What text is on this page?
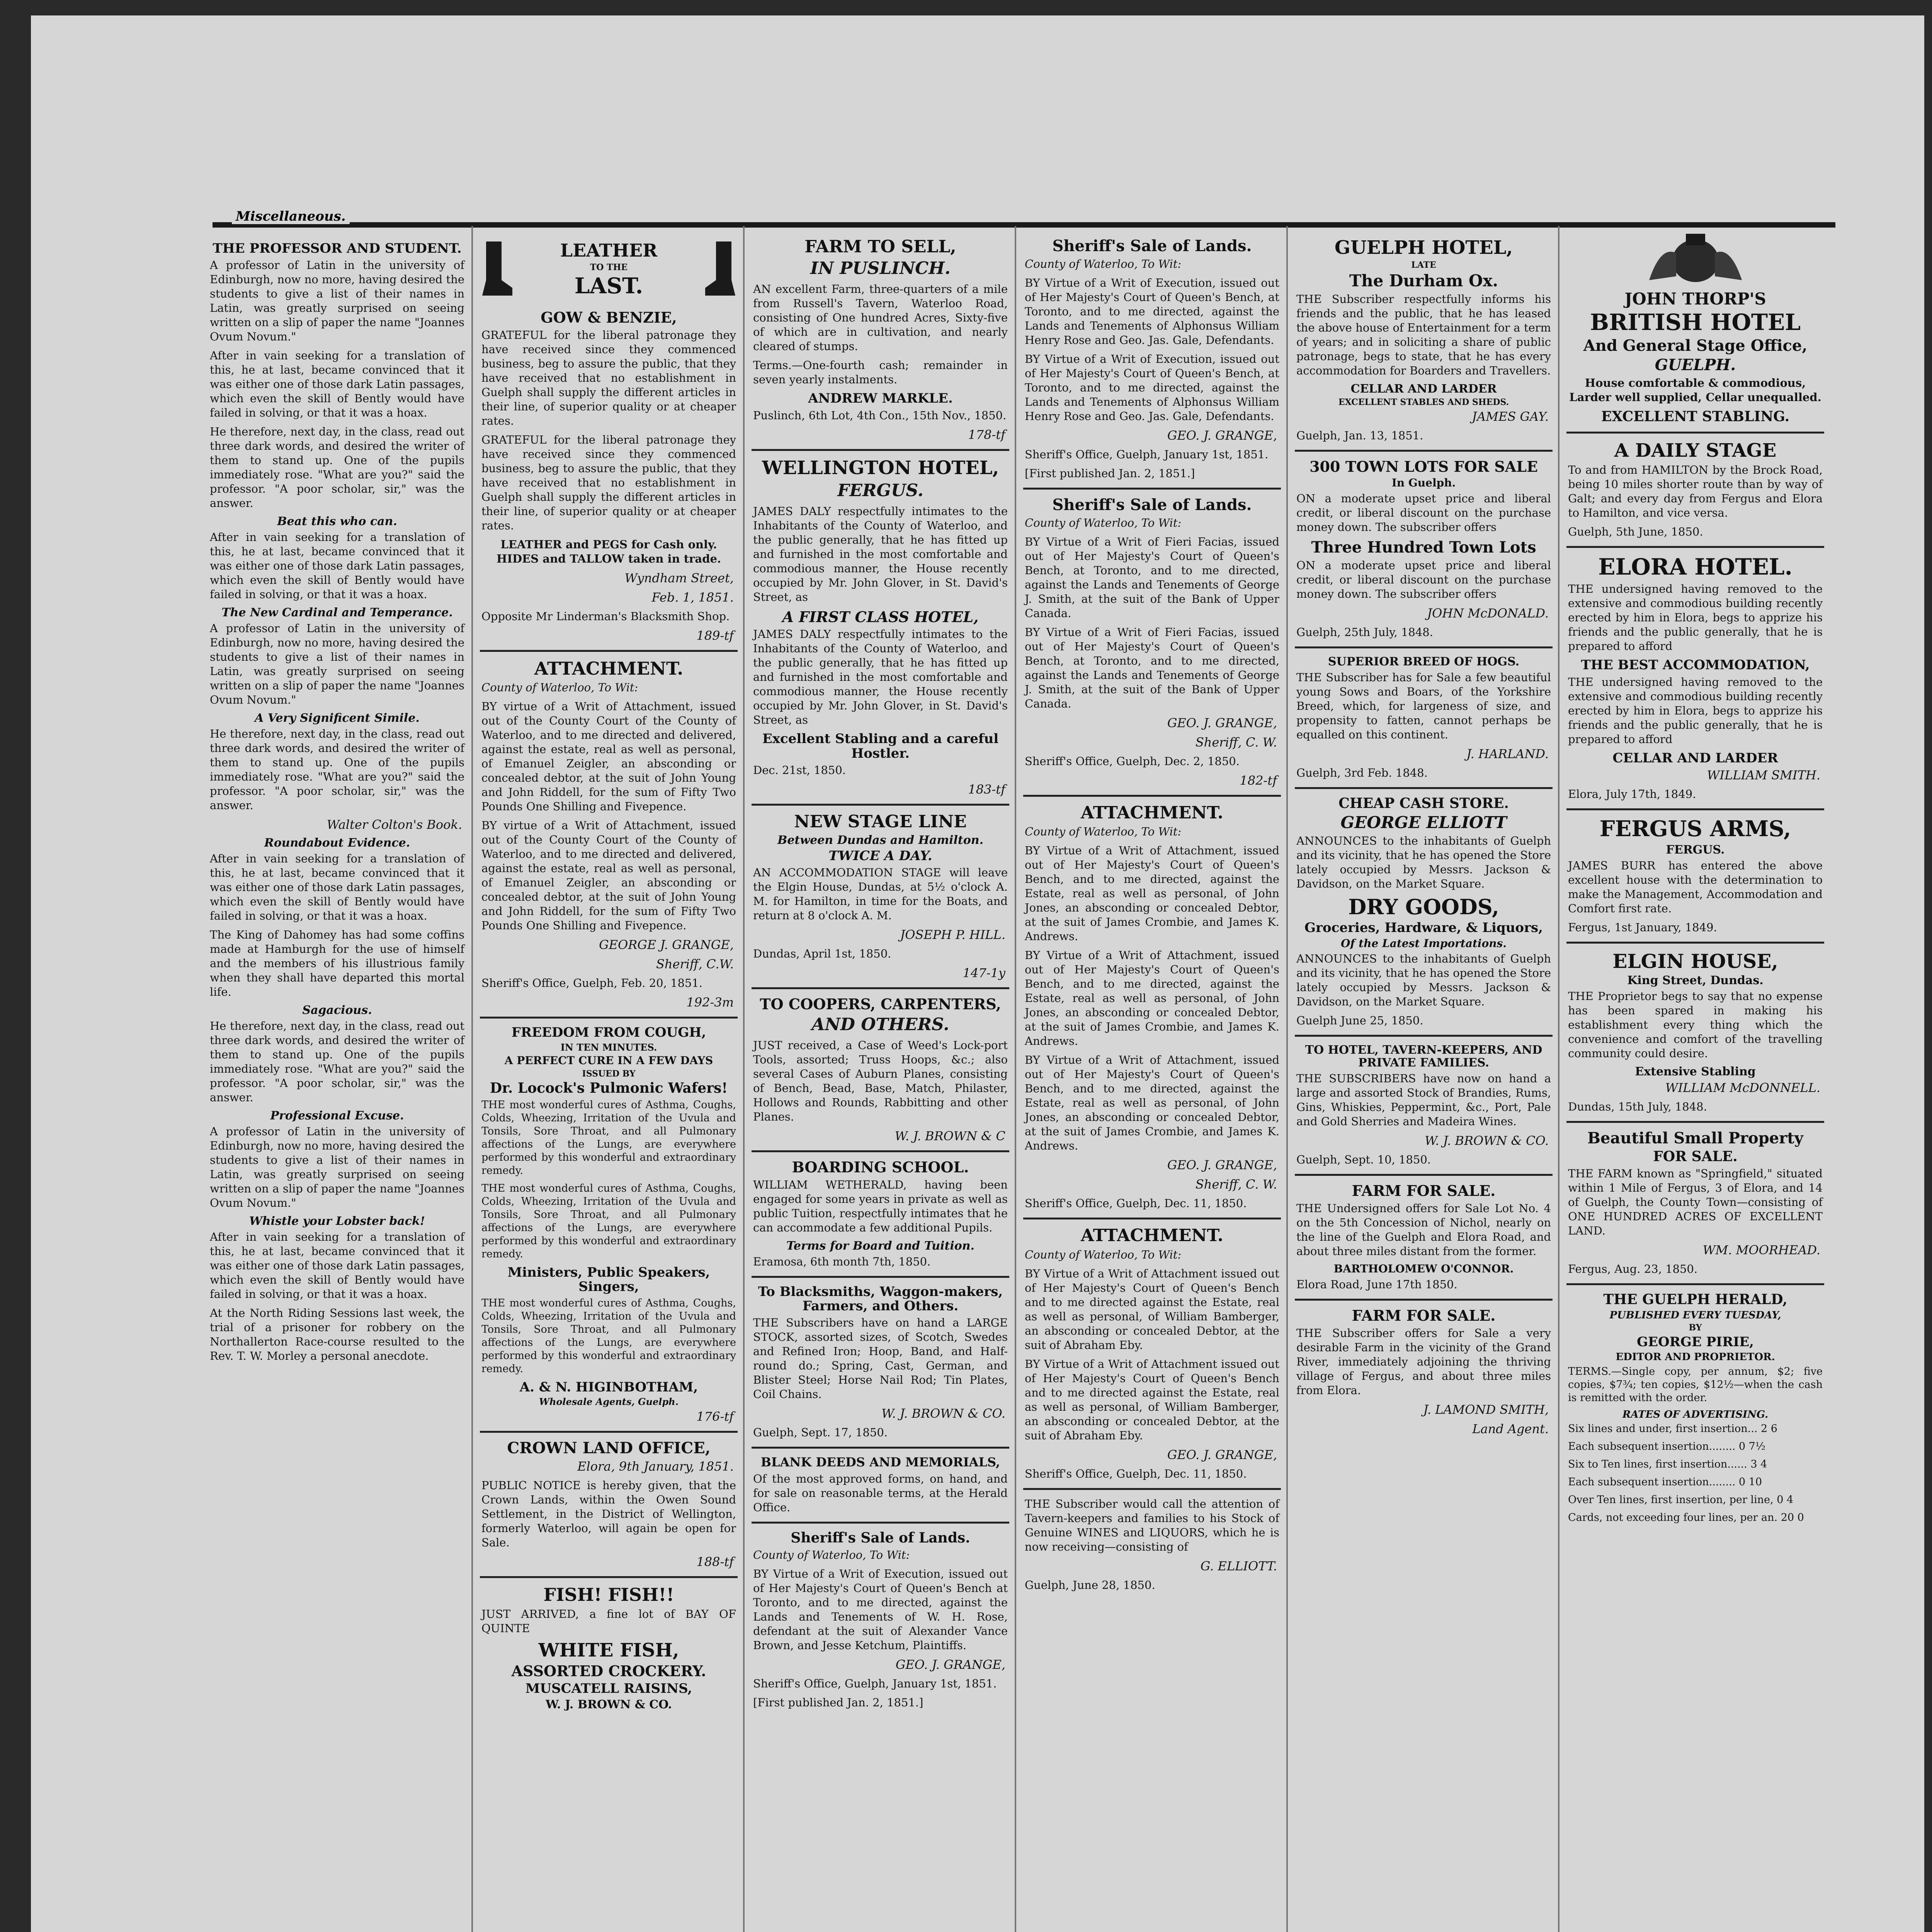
Miscellaneous.
THE PROFESSOR AND STUDENT.

A professor of Latin in the university of Edinburgh, now no more, having desired the students to give a list of their names in Latin, was greatly surprised on seeing written on a slip of paper the name "Joannes Ovum Novum."

After in vain seeking for a translation of this, he at last, became convinced that it was either one of those dark Latin passages, which even the skill of Bently would have failed in solving, or that it was a hoax.

He therefore, next day, in the class, read out three dark words, and desired the writer of them to stand up. One of the pupils immediately rose. "What are you?" said the professor. "A poor scholar, sir," was the answer.

Beat this who can.

After in vain seeking for a translation of this, he at last, became convinced that it was either one of those dark Latin passages, which even the skill of Bently would have failed in solving, or that it was a hoax.

The New Cardinal and Temperance.

A professor of Latin in the university of Edinburgh, now no more, having desired the students to give a list of their names in Latin, was greatly surprised on seeing written on a slip of paper the name "Joannes Ovum Novum."

A Very Significent Simile.

He therefore, next day, in the class, read out three dark words, and desired the writer of them to stand up. One of the pupils immediately rose. "What are you?" said the professor. "A poor scholar, sir," was the answer.

Walter Colton's Book.
Roundabout Evidence.

After in vain seeking for a translation of this, he at last, became convinced that it was either one of those dark Latin passages, which even the skill of Bently would have failed in solving, or that it was a hoax.

The King of Dahomey has had some coffins made at Hamburgh for the use of himself and the members of his illustrious family when they shall have departed this mortal life.

Sagacious.

He therefore, next day, in the class, read out three dark words, and desired the writer of them to stand up. One of the pupils immediately rose. "What are you?" said the professor. "A poor scholar, sir," was the answer.

Professional Excuse.

A professor of Latin in the university of Edinburgh, now no more, having desired the students to give a list of their names in Latin, was greatly surprised on seeing written on a slip of paper the name "Joannes Ovum Novum."

Whistle your Lobster back!

After in vain seeking for a translation of this, he at last, became convinced that it was either one of those dark Latin passages, which even the skill of Bently would have failed in solving, or that it was a hoax.

At the North Riding Sessions last week, the trial of a prisoner for robbery on the Northallerton Race-course resulted to the Rev. T. W. Morley a personal anecdote.

LEATHER
TO THE
LAST.
GOW & BENZIE,

GRATEFUL for the liberal patronage they have received since they commenced business, beg to assure the public, that they have received that no establishment in Guelph shall supply the different articles in their line, of superior quality or at cheaper rates.

GRATEFUL for the liberal patronage they have received since they commenced business, beg to assure the public, that they have received that no establishment in Guelph shall supply the different articles in their line, of superior quality or at cheaper rates.

LEATHER and PEGS for Cash only. HIDES and TALLOW taken in trade.

Wyndham Street,
Feb. 1, 1851.
Opposite Mr Linderman's Blacksmith Shop.
189-tf
ATTACHMENT.
County of Waterloo, To Wit:

BY virtue of a Writ of Attachment, issued out of the County Court of the County of Waterloo, and to me directed and delivered, against the estate, real as well as personal, of Emanuel Zeigler, an absconding or concealed debtor, at the suit of John Young and John Riddell, for the sum of Fifty Two Pounds One Shilling and Fivepence.

BY virtue of a Writ of Attachment, issued out of the County Court of the County of Waterloo, and to me directed and delivered, against the estate, real as well as personal, of Emanuel Zeigler, an absconding or concealed debtor, at the suit of John Young and John Riddell, for the sum of Fifty Two Pounds One Shilling and Fivepence.

GEORGE J. GRANGE,
Sheriff, C.W.
Sheriff's Office, Guelph, Feb. 20, 1851.
192-3m
FREEDOM FROM COUGH,
IN TEN MINUTES.
A PERFECT CURE IN A FEW DAYS
ISSUED BY
Dr. Locock's Pulmonic Wafers!

THE most wonderful cures of Asthma, Coughs, Colds, Wheezing, Irritation of the Uvula and Tonsils, Sore Throat, and all Pulmonary affections of the Lungs, are everywhere performed by this wonderful and extraordinary remedy.

THE most wonderful cures of Asthma, Coughs, Colds, Wheezing, Irritation of the Uvula and Tonsils, Sore Throat, and all Pulmonary affections of the Lungs, are everywhere performed by this wonderful and extraordinary remedy.

Ministers, Public Speakers, Singers,

THE most wonderful cures of Asthma, Coughs, Colds, Wheezing, Irritation of the Uvula and Tonsils, Sore Throat, and all Pulmonary affections of the Lungs, are everywhere performed by this wonderful and extraordinary remedy.

A. & N. HIGINBOTHAM,
Wholesale Agents, Guelph.
176-tf
CROWN LAND OFFICE,
Elora, 9th January, 1851.

PUBLIC NOTICE is hereby given, that the Crown Lands, within the Owen Sound Settlement, in the District of Wellington, formerly Waterloo, will again be open for Sale.

188-tf
FISH! FISH!!

JUST ARRIVED, a fine lot of BAY OF QUINTE

WHITE FISH,
ASSORTED CROCKERY.
MUSCATELL RAISINS,
W. J. BROWN & CO.
FARM TO SELL,
IN PUSLINCH.

AN excellent Farm, three-quarters of a mile from Russell's Tavern, Waterloo Road, consisting of One hundred Acres, Sixty-five of which are in cultivation, and nearly cleared of stumps.

Terms.—One-fourth cash; remainder in seven yearly instalments.

ANDREW MARKLE.
Puslinch, 6th Lot, 4th Con., 15th Nov., 1850.
178-tf
WELLINGTON HOTEL,
FERGUS.

JAMES DALY respectfully intimates to the Inhabitants of the County of Waterloo, and the public generally, that he has fitted up and furnished in the most comfortable and commodious manner, the House recently occupied by Mr. John Glover, in St. David's Street, as

A FIRST CLASS HOTEL,

JAMES DALY respectfully intimates to the Inhabitants of the County of Waterloo, and the public generally, that he has fitted up and furnished in the most comfortable and commodious manner, the House recently occupied by Mr. John Glover, in St. David's Street, as

Excellent Stabling and a careful Hostler.
Dec. 21st, 1850.
183-tf
NEW STAGE LINE
Between Dundas and Hamilton.
TWICE A DAY.

AN ACCOMMODATION STAGE will leave the Elgin House, Dundas, at 5½ o'clock A. M. for Hamilton, in time for the Boats, and return at 8 o'clock A. M.

JOSEPH P. HILL.
Dundas, April 1st, 1850.
147-1y
TO COOPERS, CARPENTERS,
AND OTHERS.

JUST received, a Case of Weed's Lock-port Tools, assorted; Truss Hoops, &c.; also several Cases of Auburn Planes, consisting of Bench, Bead, Base, Match, Philaster, Hollows and Rounds, Rabbitting and other Planes.

W. J. BROWN & C
BOARDING SCHOOL.

WILLIAM WETHERALD, having been engaged for some years in private as well as public Tuition, respectfully intimates that he can accommodate a few additional Pupils.

Terms for Board and Tuition.
Eramosa, 6th month 7th, 1850.
To Blacksmiths, Waggon-makers, Farmers, and Others.

THE Subscribers have on hand a LARGE STOCK, assorted sizes, of Scotch, Swedes and Refined Iron; Hoop, Band, and Half-round do.; Spring, Cast, German, and Blister Steel; Horse Nail Rod; Tin Plates, Coil Chains.

W. J. BROWN & CO.
Guelph, Sept. 17, 1850.
BLANK DEEDS AND MEMORIALS,

Of the most approved forms, on hand, and for sale on reasonable terms, at the Herald Office.

Sheriff's Sale of Lands.
County of Waterloo, To Wit:

BY Virtue of a Writ of Execution, issued out of Her Majesty's Court of Queen's Bench at Toronto, and to me directed, against the Lands and Tenements of W. H. Rose, defendant at the suit of Alexander Vance Brown, and Jesse Ketchum, Plaintiffs.

GEO. J. GRANGE,
Sheriff's Office, Guelph, January 1st, 1851.
[First published Jan. 2, 1851.]
Sheriff's Sale of Lands.
County of Waterloo, To Wit:

BY Virtue of a Writ of Execution, issued out of Her Majesty's Court of Queen's Bench, at Toronto, and to me directed, against the Lands and Tenements of Alphonsus William Henry Rose and Geo. Jas. Gale, Defendants.

BY Virtue of a Writ of Execution, issued out of Her Majesty's Court of Queen's Bench, at Toronto, and to me directed, against the Lands and Tenements of Alphonsus William Henry Rose and Geo. Jas. Gale, Defendants.

GEO. J. GRANGE,
Sheriff's Office, Guelph, January 1st, 1851.
[First published Jan. 2, 1851.]
Sheriff's Sale of Lands.
County of Waterloo, To Wit:

BY Virtue of a Writ of Fieri Facias, issued out of Her Majesty's Court of Queen's Bench, at Toronto, and to me directed, against the Lands and Tenements of George J. Smith, at the suit of the Bank of Upper Canada.

BY Virtue of a Writ of Fieri Facias, issued out of Her Majesty's Court of Queen's Bench, at Toronto, and to me directed, against the Lands and Tenements of George J. Smith, at the suit of the Bank of Upper Canada.

GEO. J. GRANGE,
Sheriff, C. W.
Sheriff's Office, Guelph, Dec. 2, 1850.
182-tf
ATTACHMENT.
County of Waterloo, To Wit:

BY Virtue of a Writ of Attachment, issued out of Her Majesty's Court of Queen's Bench, and to me directed, against the Estate, real as well as personal, of John Jones, an absconding or concealed Debtor, at the suit of James Crombie, and James K. Andrews.

BY Virtue of a Writ of Attachment, issued out of Her Majesty's Court of Queen's Bench, and to me directed, against the Estate, real as well as personal, of John Jones, an absconding or concealed Debtor, at the suit of James Crombie, and James K. Andrews.

BY Virtue of a Writ of Attachment, issued out of Her Majesty's Court of Queen's Bench, and to me directed, against the Estate, real as well as personal, of John Jones, an absconding or concealed Debtor, at the suit of James Crombie, and James K. Andrews.

GEO. J. GRANGE,
Sheriff, C. W.
Sheriff's Office, Guelph, Dec. 11, 1850.
ATTACHMENT.
County of Waterloo, To Wit:

BY Virtue of a Writ of Attachment issued out of Her Majesty's Court of Queen's Bench and to me directed against the Estate, real as well as personal, of William Bamberger, an absconding or concealed Debtor, at the suit of Abraham Eby.

BY Virtue of a Writ of Attachment issued out of Her Majesty's Court of Queen's Bench and to me directed against the Estate, real as well as personal, of William Bamberger, an absconding or concealed Debtor, at the suit of Abraham Eby.

GEO. J. GRANGE,
Sheriff's Office, Guelph, Dec. 11, 1850.

THE Subscriber would call the attention of Tavern-keepers and families to his Stock of Genuine WINES and LIQUORS, which he is now receiving—consisting of

G. ELLIOTT.
Guelph, June 28, 1850.
GUELPH HOTEL,
LATE
The Durham Ox.

THE Subscriber respectfully informs his friends and the public, that he has leased the above house of Entertainment for a term of years; and in soliciting a share of public patronage, begs to state, that he has every accommodation for Boarders and Travellers.

CELLAR AND LARDER
EXCELLENT STABLES AND SHEDS.
JAMES GAY.
Guelph, Jan. 13, 1851.
300 TOWN LOTS FOR SALE
In Guelph.

ON a moderate upset price and liberal credit, or liberal discount on the purchase money down. The subscriber offers

Three Hundred Town Lots

ON a moderate upset price and liberal credit, or liberal discount on the purchase money down. The subscriber offers

JOHN McDONALD.
Guelph, 25th July, 1848.
SUPERIOR BREED OF HOGS.

THE Subscriber has for Sale a few beautiful young Sows and Boars, of the Yorkshire Breed, which, for largeness of size, and propensity to fatten, cannot perhaps be equalled on this continent.

J. HARLAND.
Guelph, 3rd Feb. 1848.
CHEAP CASH STORE.
GEORGE ELLIOTT

ANNOUNCES to the inhabitants of Guelph and its vicinity, that he has opened the Store lately occupied by Messrs. Jackson & Davidson, on the Market Square.

DRY GOODS,
Groceries, Hardware, & Liquors,
Of the Latest Importations.

ANNOUNCES to the inhabitants of Guelph and its vicinity, that he has opened the Store lately occupied by Messrs. Jackson & Davidson, on the Market Square.

Guelph June 25, 1850.
TO HOTEL, TAVERN-KEEPERS, AND PRIVATE FAMILIES.

THE SUBSCRIBERS have now on hand a large and assorted Stock of Brandies, Rums, Gins, Whiskies, Peppermint, &c., Port, Pale and Gold Sherries and Madeira Wines.

W. J. BROWN & CO.
Guelph, Sept. 10, 1850.
FARM FOR SALE.

THE Undersigned offers for Sale Lot No. 4 on the 5th Concession of Nichol, nearly on the line of the Guelph and Elora Road, and about three miles distant from the former.

BARTHOLOMEW O'CONNOR.
Elora Road, June 17th 1850.
FARM FOR SALE.

THE Subscriber offers for Sale a very desirable Farm in the vicinity of the Grand River, immediately adjoining the thriving village of Fergus, and about three miles from Elora.

J. LAMOND SMITH,
Land Agent.
JOHN THORP'S
BRITISH HOTEL
And General Stage Office,
GUELPH.

House comfortable & commodious, Larder well supplied, Cellar unequalled.

EXCELLENT STABLING.
A DAILY STAGE

To and from HAMILTON by the Brock Road, being 10 miles shorter route than by way of Galt; and every day from Fergus and Elora to Hamilton, and vice versa.

Guelph, 5th June, 1850.
ELORA HOTEL.

THE undersigned having removed to the extensive and commodious building recently erected by him in Elora, begs to apprize his friends and the public generally, that he is prepared to afford

THE BEST ACCOMMODATION,

THE undersigned having removed to the extensive and commodious building recently erected by him in Elora, begs to apprize his friends and the public generally, that he is prepared to afford

CELLAR AND LARDER
WILLIAM SMITH.
Elora, July 17th, 1849.
FERGUS ARMS,
FERGUS.

JAMES BURR has entered the above excellent house with the determination to make the Management, Accommodation and Comfort first rate.

Fergus, 1st January, 1849.
ELGIN HOUSE,
King Street, Dundas.

THE Proprietor begs to say that no expense has been spared in making his establishment every thing which the convenience and comfort of the travelling community could desire.

Extensive Stabling
WILLIAM McDONNELL.
Dundas, 15th July, 1848.
Beautiful Small Property
FOR SALE.

THE FARM known as "Springfield," situated within 1 Mile of Fergus, 3 of Elora, and 14 of Guelph, the County Town—consisting of ONE HUNDRED ACRES OF EXCELLENT LAND.

WM. MOORHEAD.
Fergus, Aug. 23, 1850.
THE GUELPH HERALD,
PUBLISHED EVERY TUESDAY,
BY
GEORGE PIRIE,
EDITOR AND PROPRIETOR.

TERMS.—Single copy, per annum, $2; five copies, $7¾; ten copies, $12½—when the cash is remitted with the order.

RATES OF ADVERTISING.
Six lines and under, first insertion... 2 6
Each subsequent insertion........ 0 7½
Six to Ten lines, first insertion...... 3 4
Each subsequent insertion........ 0 10
Over Ten lines, first insertion, per line, 0 4
Cards, not exceeding four lines, per an. 20 0
